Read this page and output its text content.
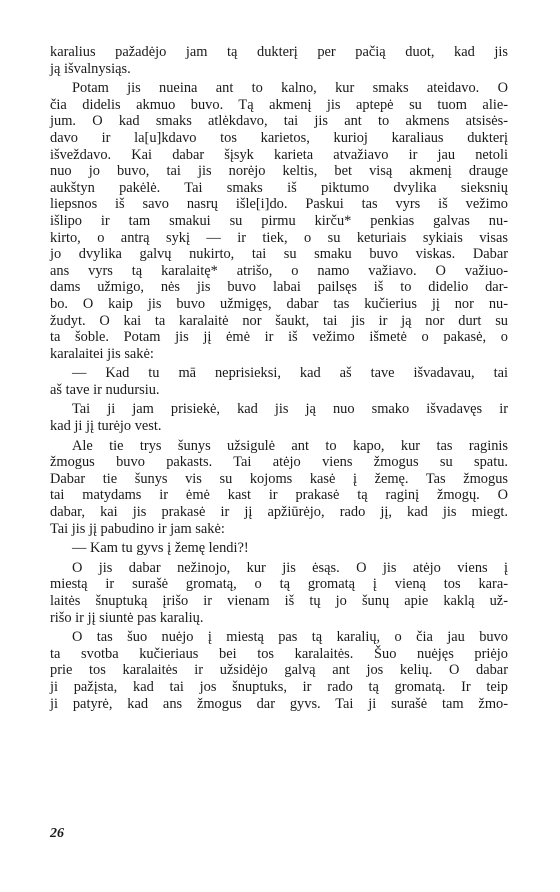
karalius pažadėjo jam tą dukterį per pačią duot, kad jis
ją išvalnysiąs.
Potam jis nueina ant to kalno, kur smaks ateidavo. O
čia didelis akmuo buvo. Tą akmenį jis aptepė su tuom alie-
jum. O kad smaks atlėkdavo, tai jis ant to akmens atsisės-
davo ir la[u]kdavo tos karietos, kurioj karaliaus dukterį
išveždavo. Kai dabar šįsyk karieta atvažiavo ir jau netoli
nuo jo buvo, tai jis norėjo keltis, bet visą akmenį drauge
aukštyn pakėlė. Tai smaks iš piktumo dvylika sieksnių
liepsnos iš savo nasrų išle[i]do. Paskui tas vyrs iš vežimo
išlipo ir tam smakui su pirmu kirču* penkias galvas nu-
kirto, o antrą sykį — ir tiek, o su keturiais sykiais visas
jo dvylika galvų nukirto, tai su smaku buvo viskas. Dabar
ans vyrs tą karalaitę* atrišo, o namo važiavo. O važiuo-
dams užmigo, nės jis buvo labai pailsęs iš to didelio dar-
bo. O kaip jis buvo užmigęs, dabar tas kučierius jį nor nu-
žudyt. O kai ta karalaitė nor šaukt, tai jis ir ją nor durt su
ta šoble. Potam jis jį ėmė ir iš vežimo išmetė o pakasė, o
karalaitei jis sakė:
— Kad tu mā neprisieksi, kad aš tave išvadavau, tai
aš tave ir nudursiu.
Tai ji jam prisiekė, kad jis ją nuo smako išvadavęs ir
kad ji jį turėjo vest.
Ale tie trys šunys užsigulė ant to kapo, kur tas raginis
žmogus buvo pakasts. Tai atėjo viens žmogus su spatu.
Dabar tie šunys vis su kojoms kasė į žemę. Tas žmogus
tai matydams ir ėmė kast ir prakasė tą raginį žmogų. O
dabar, kai jis prakasė ir jį apžiūrėjo, rado jį, kad jis miegt.
Tai jis jį pabudino ir jam sakė:
— Kam tu gyvs į žemę lendi?!
O jis dabar nežinojo, kur jis ėsąs. O jis atėjo viens į
miestą ir surašė gromatą, o tą gromatą į vieną tos kara-
laitės šnuptuką įrišo ir vienam iš tų jo šunų apie kaklą už-
rišo ir jį siuntė pas karalių.
O tas šuo nuėjo į miestą pas tą karalių, o čia jau buvo
ta svotba kučieriaus bei tos karalaitės. Šuo nuėjęs priėjo
prie tos karalaitės ir užsidėjo galvą ant jos kelių. O dabar
ji pažįsta, kad tai jos šnuptuks, ir rado tą gromatą. Ir teip
ji patyrė, kad ans žmogus dar gyvs. Tai ji surašė tam žmo-
26
